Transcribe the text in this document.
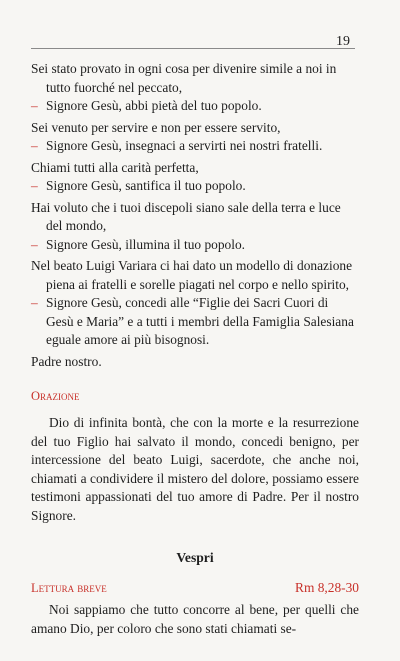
19
Sei stato provato in ogni cosa per divenire simile a noi in tutto fuorché nel peccato,
– Signore Gesù, abbi pietà del tuo popolo.
Sei venuto per servire e non per essere servito,
– Signore Gesù, insegnaci a servirti nei nostri fratelli.
Chiami tutti alla carità perfetta,
– Signore Gesù, santifica il tuo popolo.
Hai voluto che i tuoi discepoli siano sale della terra e luce del mondo,
– Signore Gesù, illumina il tuo popolo.
Nel beato Luigi Variara ci hai dato un modello di donazione piena ai fratelli e sorelle piagati nel corpo e nello spirito,
– Signore Gesù, concedi alle “Figlie dei Sacri Cuori di Gesù e Maria” e a tutti i membri della Famiglia Salesiana eguale amore ai più bisognosi.
Padre nostro.
Orazione
Dio di infinita bontà, che con la morte e la resurrezione del tuo Figlio hai salvato il mondo, concedi benigno, per intercessione del beato Luigi, sacerdote, che anche noi, chiamati a condividere il mistero del dolore, possiamo essere testimoni appassionati del tuo amore di Padre. Per il nostro Signore.
Vespri
Lettura breve	Rm 8,28-30
Noi sappiamo che tutto concorre al bene, per quelli che amano Dio, per coloro che sono stati chiamati se-
